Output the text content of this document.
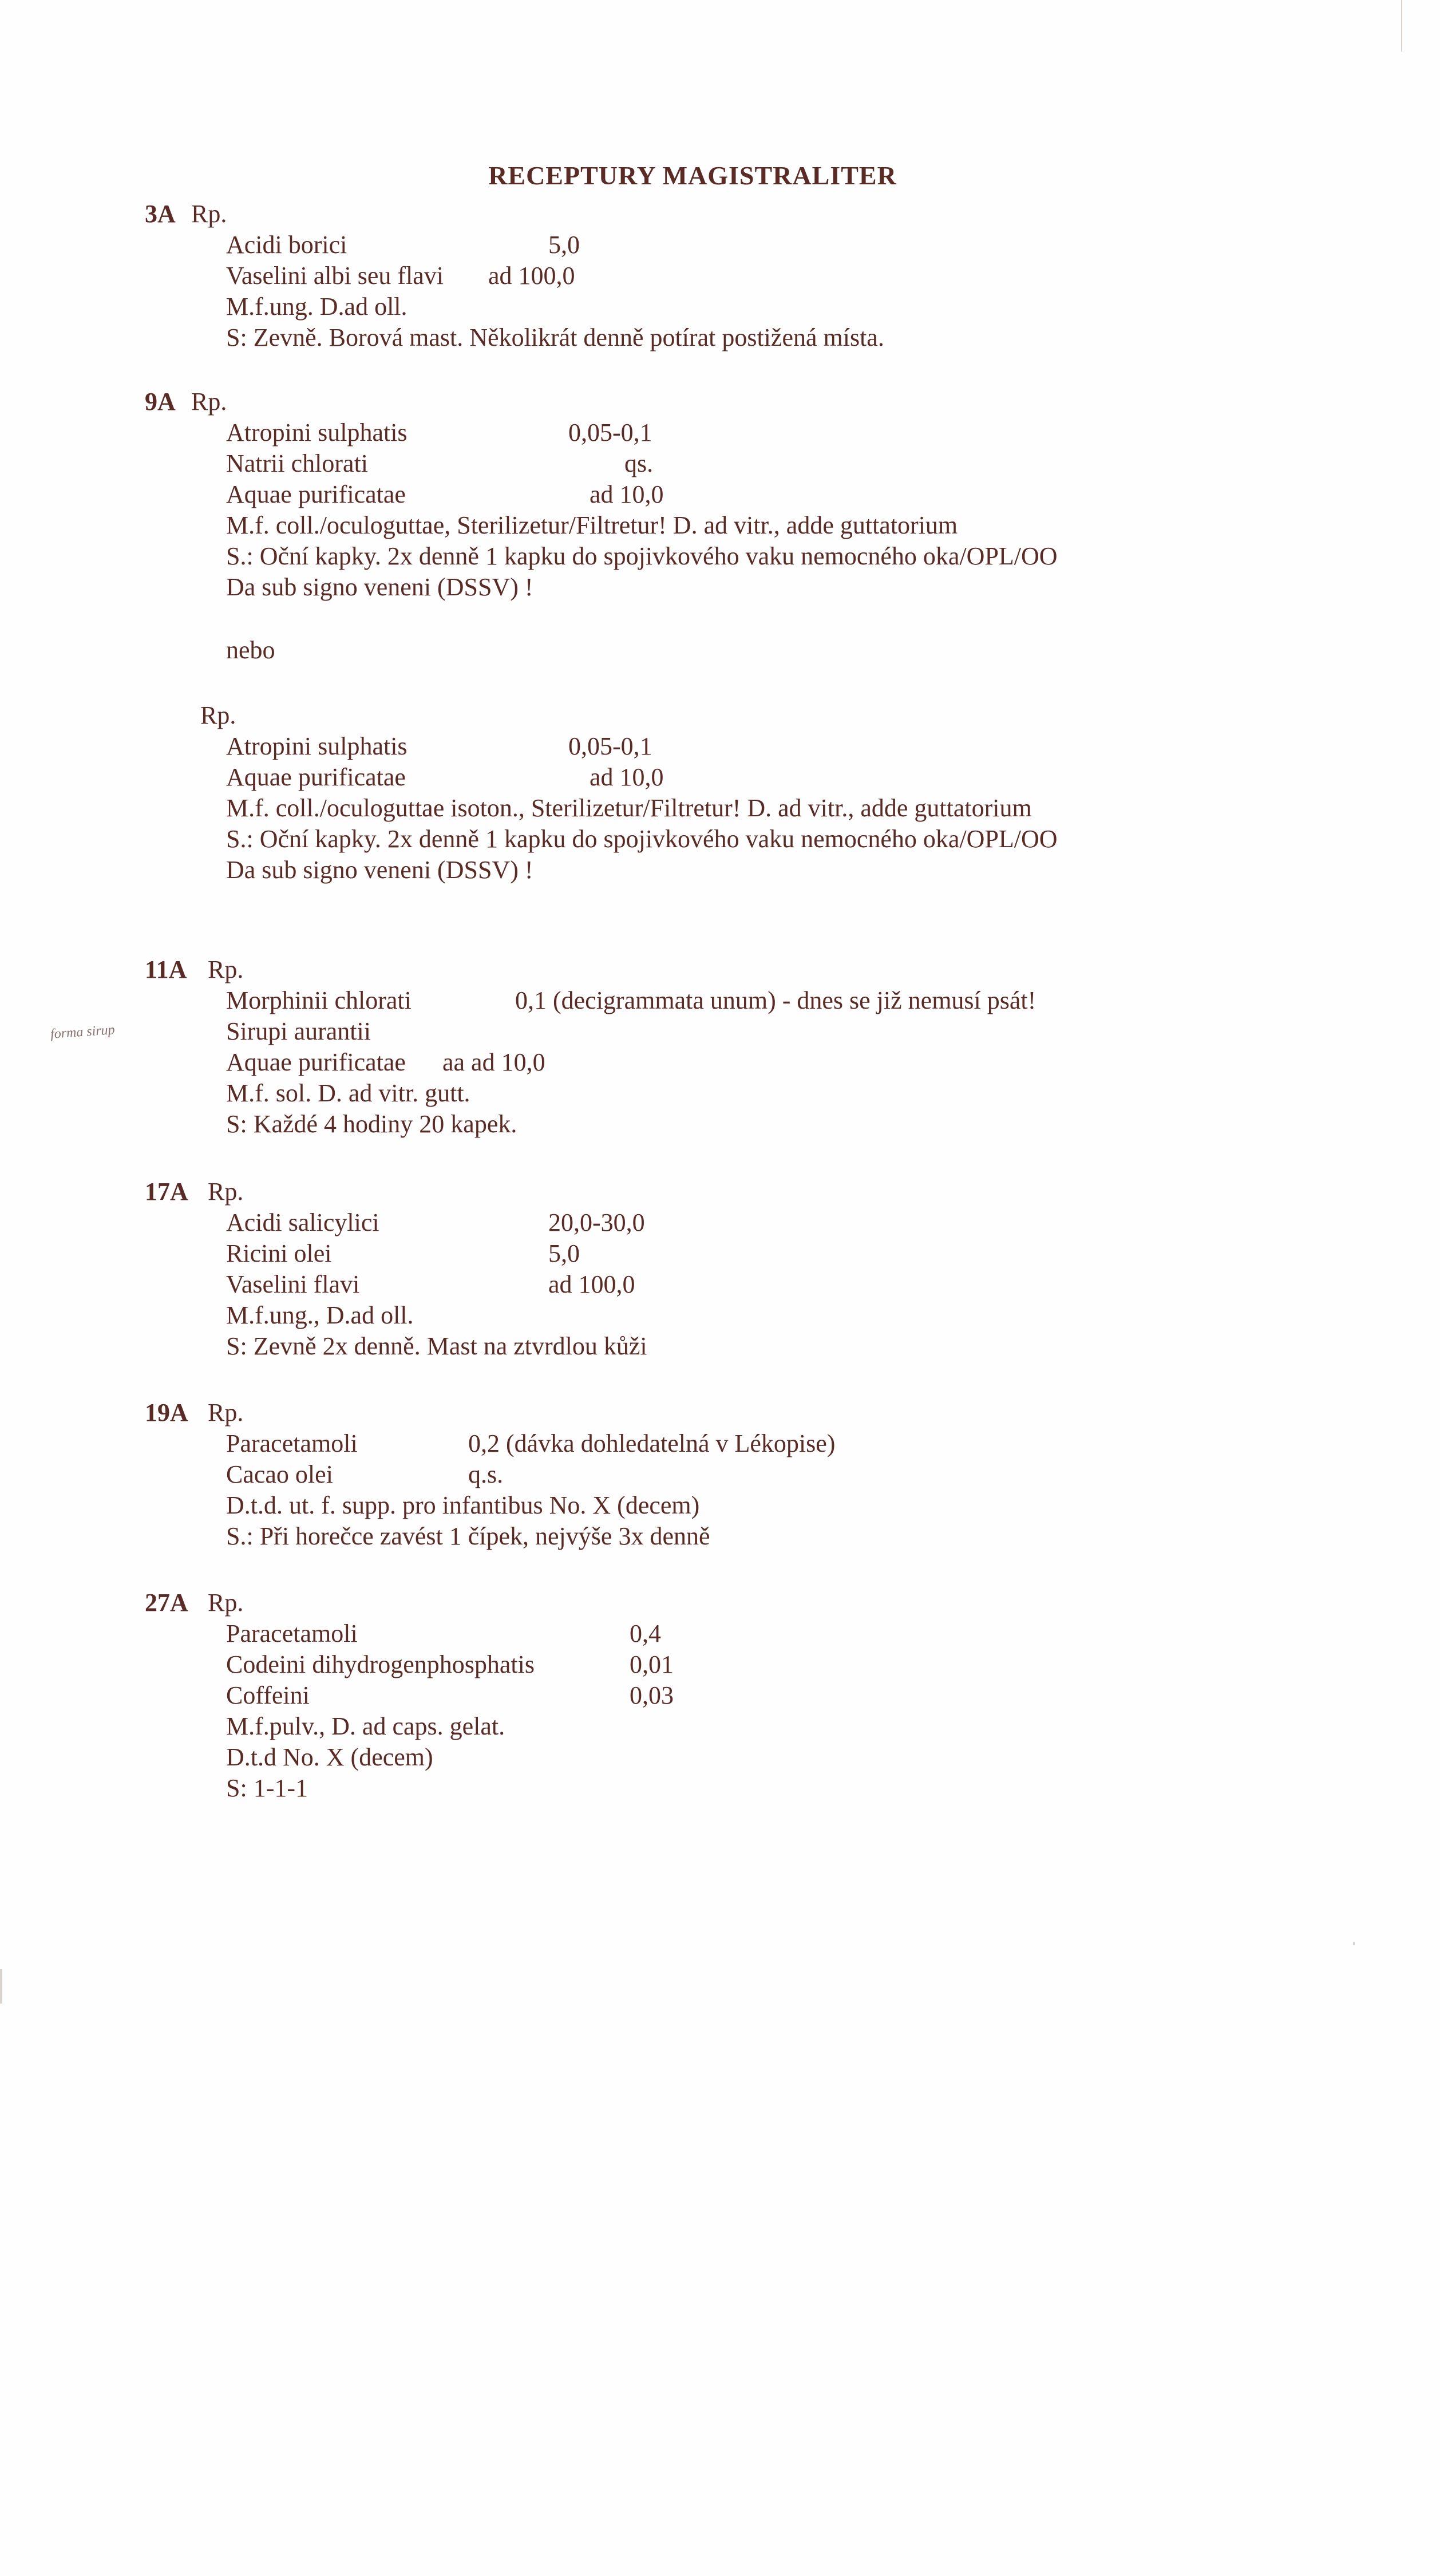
RECEPTURY MAGISTRALITER
3A Rp.
Acidi borici	5,0
Vaselini albi seu flavi ad 100,0
M.f.ung. D.ad oll.
S: Zevně. Borová mast. Několikrát denně potírat postižená místa.
9A Rp.
Atropini sulphatis	0,05-0,1
Natrii chlorati	qs.
Aquae purificatae	ad 10,0
M.f. coll./oculoguttae, Sterilizetur/Filtretur! D. ad vitr., adde guttatorium
S.: Oční kapky. 2x denně 1 kapku do spojivkového vaku nemocného oka/OPL/OO
Da sub signo veneni (DSSV) !
nebo
Rp.
Atropini sulphatis	0,05-0,1
Aquae purificatae	ad 10,0
M.f. coll./oculoguttae isoton., Sterilizetur/Filtretur! D. ad vitr., adde guttatorium
S.: Oční kapky. 2x denně 1 kapku do spojivkového vaku nemocného oka/OPL/OO
Da sub signo veneni (DSSV) !
11A Rp.
Morphinii chlorati	0,1 (decigrammata unum) - dnes se již nemusí psát!
forma sirup	Sirupi aurantii
Aquae purificatae aa ad 10,0
M.f. sol. D. ad vitr. gutt.
S: Každé 4 hodiny 20 kapek.
17A Rp.
Acidi salicylici	20,0-30,0
Ricini olei	5,0
Vaselini flavi	ad 100,0
M.f.ung., D.ad oll.
S: Zevně 2x denně. Mast na ztvrdlou kůži
19A Rp.
Paracetamoli	0,2 (dávka dohledatelná v Lékopise)
Cacao olei	q.s.
D.t.d. ut. f. supp. pro infantibus No. X (decem)
S.: Při horečce zavést 1 čípek, nejvýše 3x denně
27A Rp.
Paracetamoli	0,4
Codeini dihydrogenphosphatis	0,01
Coffeini	0,03
M.f.pulv., D. ad caps. gelat.
D.t.d No. X (decem)
S: 1-1-1
